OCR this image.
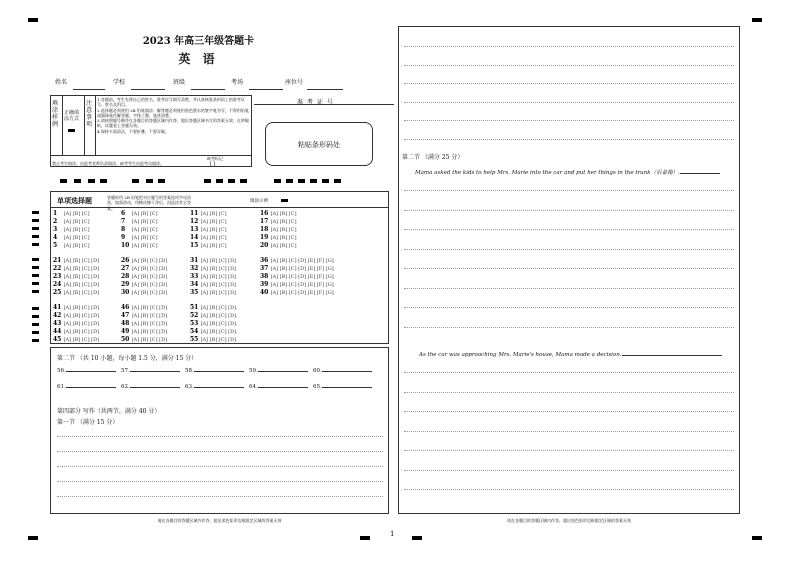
2023 年高三年级答题卡
英 语
姓名	学校	班级	考场	座位号
填涂样例
正确填涂方式
注意事项
1.答题前，考生先将自己的姓名，准考证号填写清楚，并认真核准条形码上的准考证号、姓名及科目。
2.选择题必须使用 2B 铅笔填涂；解答题必须使用黑色墨水的签字笔书写，不得用铅笔或圆珠笔作解答题；字体工整、笔迹清楚。
3.请按照题号顺序在各题目的答题区域内作答，超出答题区域书写的答案无效；在草稿纸、试题卷上答题无效。
4.保持卡面清洁，不要折叠，不要弄破。
缺考标记
[ ]
禁止考生填涂，由监考老师负责填涂。缺考考生由监考员填涂。
准 考 证 号
粘贴条形码处
单项选择题	答题时用 2B 铅笔把对应题号的答案选项字母涂黑，如需改动，用橡皮擦干净后，再选涂其它答案。
填涂示例
1 [A] [B] [C]
2 [A] [B] [C]
3 [A] [B] [C]
4 [A] [B] [C]
5 [A] [B] [C]
6 [A] [B] [C]
7 [A] [B] [C]
8 [A] [B] [C]
9 [A] [B] [C]
10 [A] [B] [C]
11 [A] [B] [C]
12 [A] [B] [C]
13 [A] [B] [C]
14 [A] [B] [C]
15 [A] [B] [C]
16 [A] [B] [C]
17 [A] [B] [C]
18 [A] [B] [C]
19 [A] [B] [C]
20 [A] [B] [C]
21 [A] [B] [C] [D]
22 [A] [B] [C] [D]
23 [A] [B] [C] [D]
24 [A] [B] [C] [D]
25 [A] [B] [C] [D]
26 [A] [B] [C] [D]
27 [A] [B] [C] [D]
28 [A] [B] [C] [D]
29 [A] [B] [C] [D]
30 [A] [B] [C] [D]
31 [A] [B] [C] [D]
32 [A] [B] [C] [D]
33 [A] [B] [C] [D]
34 [A] [B] [C] [D]
35 [A] [B] [C] [D]
36 [A] [B] [C] [D] [E] [F] [G]
37 [A] [B] [C] [D] [E] [F] [G]
38 [A] [B] [C] [D] [E] [F] [G]
39 [A] [B] [C] [D] [E] [F] [G]
40 [A] [B] [C] [D] [E] [F] [G]
41 [A] [B] [C] [D]
42 [A] [B] [C] [D]
43 [A] [B] [C] [D]
44 [A] [B] [C] [D]
45 [A] [B] [C] [D]
46 [A] [B] [C] [D]
47 [A] [B] [C] [D]
48 [A] [B] [C] [D]
49 [A] [B] [C] [D]
50 [A] [B] [C] [D]
51 [A] [B] [C] [D]
52 [A] [B] [C] [D]
53 [A] [B] [C] [D]
54 [A] [B] [C] [D]
55 [A] [B] [C] [D]
第二节 （共 10 小题，每小题 1.5 分，满分 15 分）
56.	57.	58.	59.	60.
61.	62.	63.	64.	65.
第四部分 写作（共两节，满分 40 分）
第一节 （满分 15 分）
请在各题目的答题区域内作答，超出黑色矩形边框限定区域的答案无效
1
第二节 （满分 25 分）
Mama asked the kids to help Mrs. Marie into the car and put her things in the trunk（后备箱）.
As the car was approaching Mrs. Marie's house, Mama made a decision.
请在各题目的答题区域内作答，超出黑色矩形边框限定区域的答案无效
